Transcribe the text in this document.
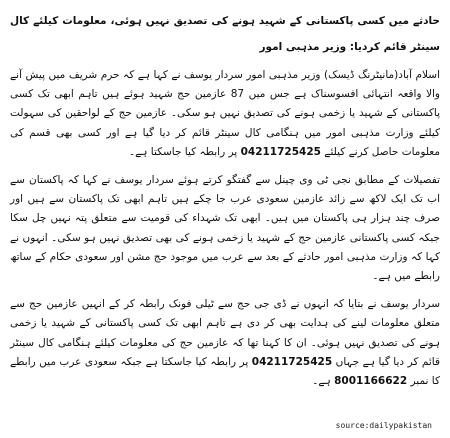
حادثے میں کسی پاکستانی کے شہید ہونے کی تصدیق نہیں ہوئی، معلومات کیلئے کال سینٹر قائم کردیا: وزیر مذہبی امور

اسلام آباد(مانیٹرنگ ڈیسک) وزیر مذہبی امور سردار یوسف نے کہا ہے کہ حرم شریف میں پیش آنے والا واقعہ انتہائی افسوسناک ہے جس میں 87 عازمین حج شہید ہوئے ہیں تاہم ابھی تک کسی پاکستانی کے شہید یا زخمی ہونے کی تصدیق نہیں ہو سکی۔ عازمین حج کے لواحقین کی سہولت کیلئے وزارت مذہبی امور میں ہنگامی کال سینٹر قائم کر دیا گیا ہے اور کسی بھی قسم کی معلومات حاصل کرنے کیلئے 04211725425 پر رابطہ کیا جاسکتا ہے۔

تفصیلات کے مطابق نجی ٹی وی چینل سے گفتگو کرتے ہوئے سردار یوسف نے کہا کہ پاکستان سے اب تک ایک لاکھ سے زائد عازمین سعودی عرب جا چکے ہیں تاہم ابھی تک پاکستان سے ہیں اور صرف چند ہزار ہی پاکستان میں ہیں۔ ابھی تک شہداء کی قومیت سے متعلق پتہ نہیں چل سکا جبکہ کسی پاکستانی عازمین حج کے شہید یا زخمی ہونے کی بھی تصدیق نہیں ہو سکی۔ انہوں نے کہا کہ وزارت مذہبی امور حادثے کے بعد سے عرب میں موجود حج مشن اور سعودی حکام کے ساتھ رابطے میں ہے۔

سردار یوسف نے بتایا کہ انہوں نے ڈی جی حج سے ٹیلی فونک رابطہ کر کے انہیں عازمین حج سے متعلق معلومات لینے کی ہدایت بھی کر دی ہے تاہم ابھی تک کسی پاکستانی کے شہید یا زخمی ہونے کی تصدیق نہیں ہوئی۔ ان کا کہنا تھا کہ عازمین حج کی معلومات کیلئے ہنگامی کال سینٹر قائم کر دیا گیا ہے جہاں 04211725425 پر رابطہ کیا جاسکتا ہے جبکہ سعودی عرب میں رابطے کا نمبر 8001166622 ہے۔

source:dailypakistan
